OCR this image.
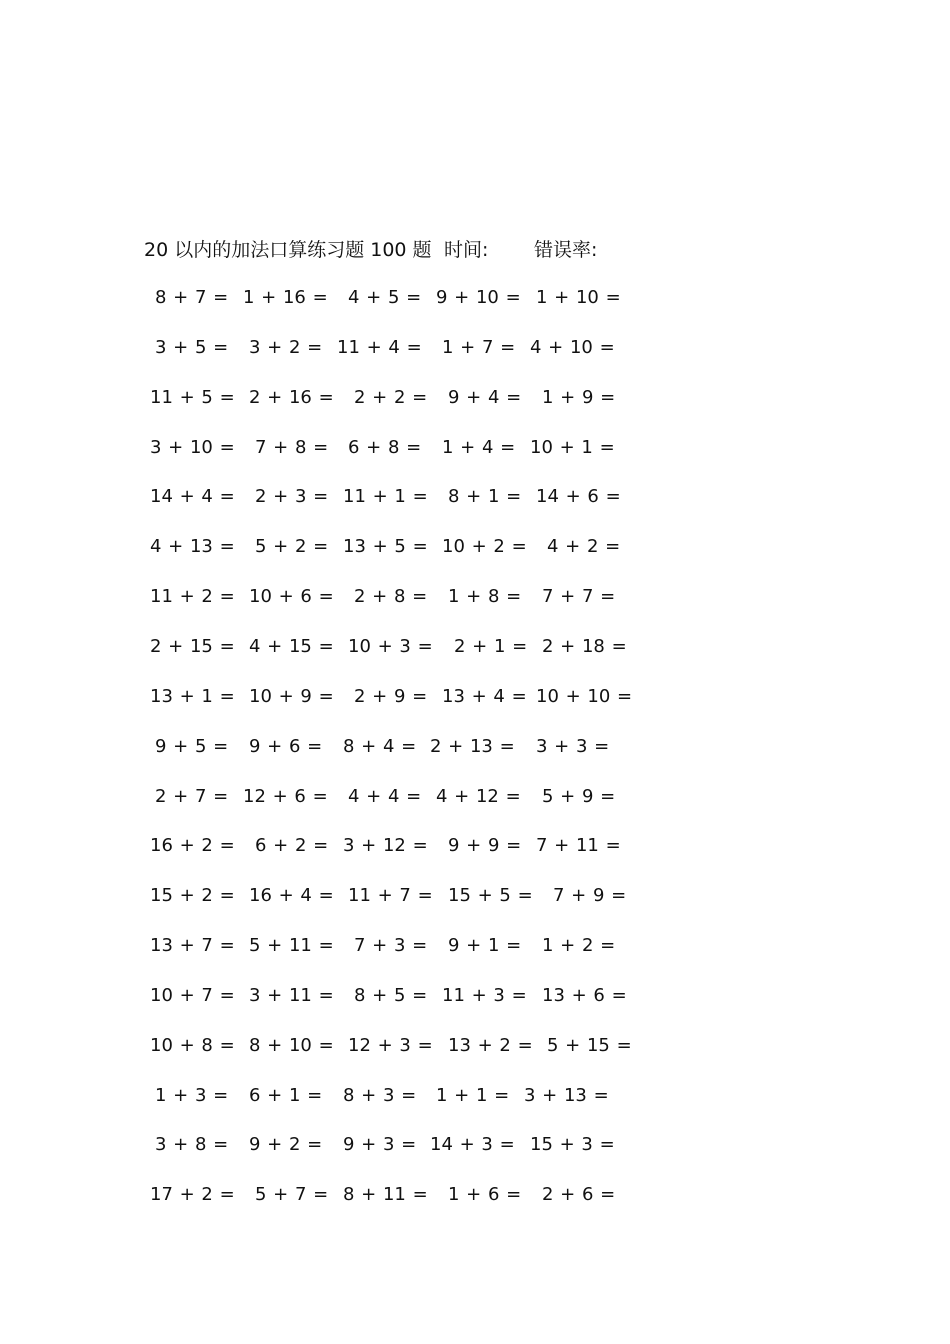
20 以内的加法口算练习题 100 题 时间: 错误率:
8 + 7 = 1 + 16 = 4 + 5 = 9 + 10 = 1 + 10 =
3 + 5 = 3 + 2 = 11 + 4 = 1 + 7 = 4 + 10 =
11 + 5 = 2 + 16 = 2 + 2 = 9 + 4 = 1 + 9 =
3 + 10 = 7 + 8 = 6 + 8 = 1 + 4 = 10 + 1 =
14 + 4 = 2 + 3 = 11 + 1 = 8 + 1 = 14 + 6 =
4 + 13 = 5 + 2 = 13 + 5 = 10 + 2 = 4 + 2 =
11 + 2 = 10 + 6 = 2 + 8 = 1 + 8 = 7 + 7 =
2 + 15 = 4 + 15 = 10 + 3 = 2 + 1 = 2 + 18 =
13 + 1 = 10 + 9 = 2 + 9 = 13 + 4 = 10 + 10 =
9 + 5 = 9 + 6 = 8 + 4 = 2 + 13 = 3 + 3 =
2 + 7 = 12 + 6 = 4 + 4 = 4 + 12 = 5 + 9 =
16 + 2 = 6 + 2 = 3 + 12 = 9 + 9 = 7 + 11 =
15 + 2 = 16 + 4 = 11 + 7 = 15 + 5 = 7 + 9 =
13 + 7 = 5 + 11 = 7 + 3 = 9 + 1 = 1 + 2 =
10 + 7 = 3 + 11 = 8 + 5 = 11 + 3 = 13 + 6 =
10 + 8 = 8 + 10 = 12 + 3 = 13 + 2 = 5 + 15 =
1 + 3 = 6 + 1 = 8 + 3 = 1 + 1 = 3 + 13 =
3 + 8 = 9 + 2 = 9 + 3 = 14 + 3 = 15 + 3 =
17 + 2 = 5 + 7 = 8 + 11 = 1 + 6 = 2 + 6 =
